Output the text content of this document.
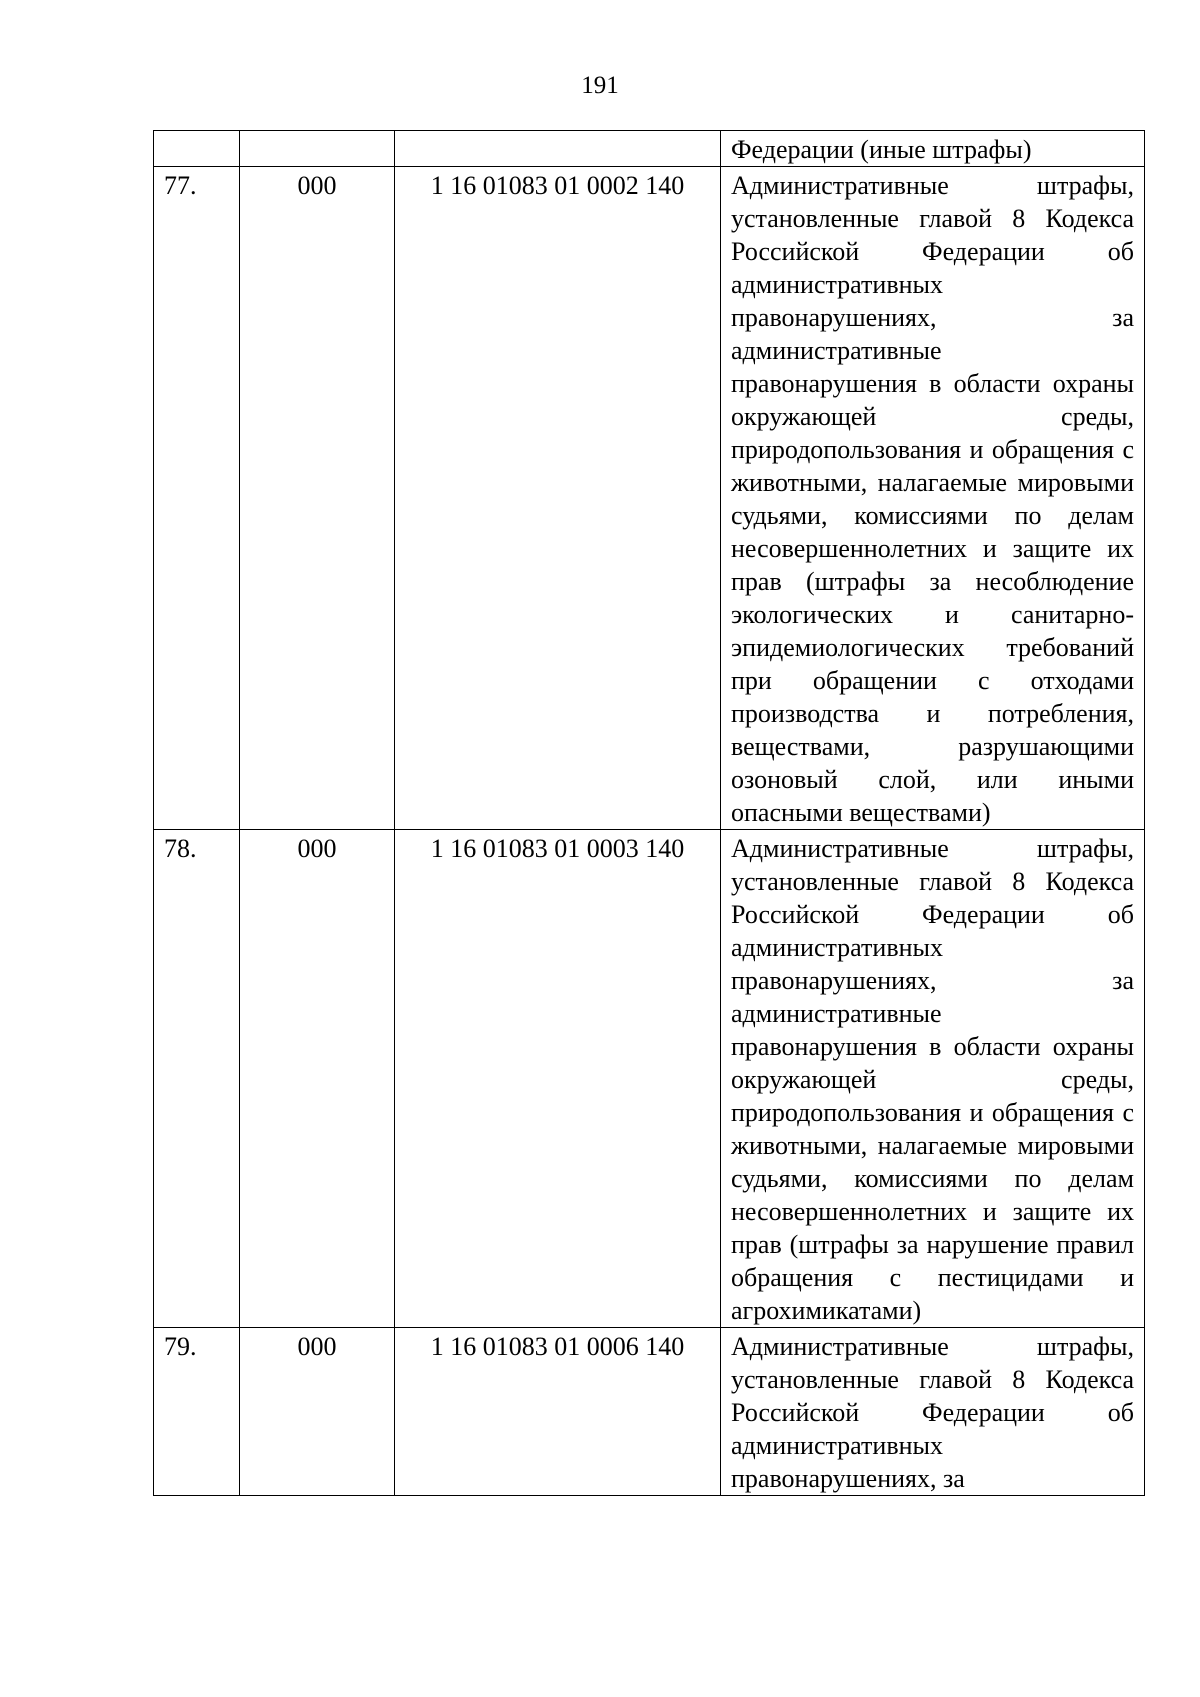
191

			Федерации (иные штрафы)

77.	000	1 16 01083 01 0002 140	Административные штрафы, установленные главой 8 Кодекса Российской Федерации об административных правонарушениях, за административные правонарушения в области охраны окружающей среды, природопользования и обращения с животными, налагаемые мировыми судьями, комиссиями по делам несовершеннолетних и защите их прав (штрафы за несоблюдение экологических и санитарно-эпидемиологических требований при обращении с отходами производства и потребления, веществами, разрушающими озоновый слой, или иными опасными веществами)

78.	000	1 16 01083 01 0003 140	Административные штрафы, установленные главой 8 Кодекса Российской Федерации об административных правонарушениях, за административные правонарушения в области охраны окружающей среды, природопользования и обращения с животными, налагаемые мировыми судьями, комиссиями по делам несовершеннолетних и защите их прав (штрафы за нарушение правил обращения с пестицидами и агрохимикатами)

79.	000	1 16 01083 01 0006 140	Административные штрафы, установленные главой 8 Кодекса Российской Федерации об административных правонарушениях, за
